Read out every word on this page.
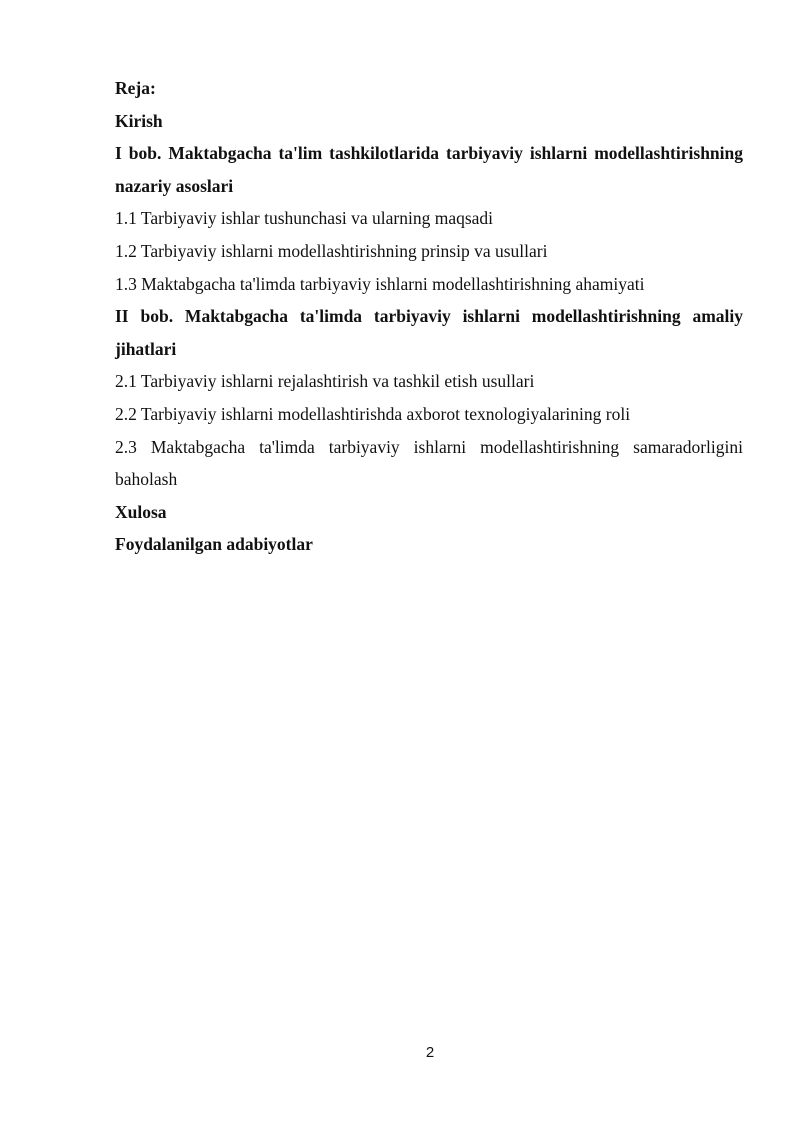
Reja:
Kirish
I bob. Maktabgacha ta'lim tashkilotlarida tarbiyaviy ishlarni modellashtirishning nazariy asoslari
1.1 Tarbiyaviy ishlar tushunchasi va ularning maqsadi
1.2 Tarbiyaviy ishlarni modellashtirishning prinsip va usullari
1.3 Maktabgacha ta'limda tarbiyaviy ishlarni modellashtirishning ahamiyati
II bob. Maktabgacha ta'limda tarbiyaviy ishlarni modellashtirishning amaliy jihatlari
2.1 Tarbiyaviy ishlarni rejalashtirish va tashkil etish usullari
2.2 Tarbiyaviy ishlarni modellashtirishda axborot texnologiyalarining roli
2.3 Maktabgacha ta'limda tarbiyaviy ishlarni modellashtirishning samaradorligini baholash
Xulosa
Foydalanilgan adabiyotlar
2
